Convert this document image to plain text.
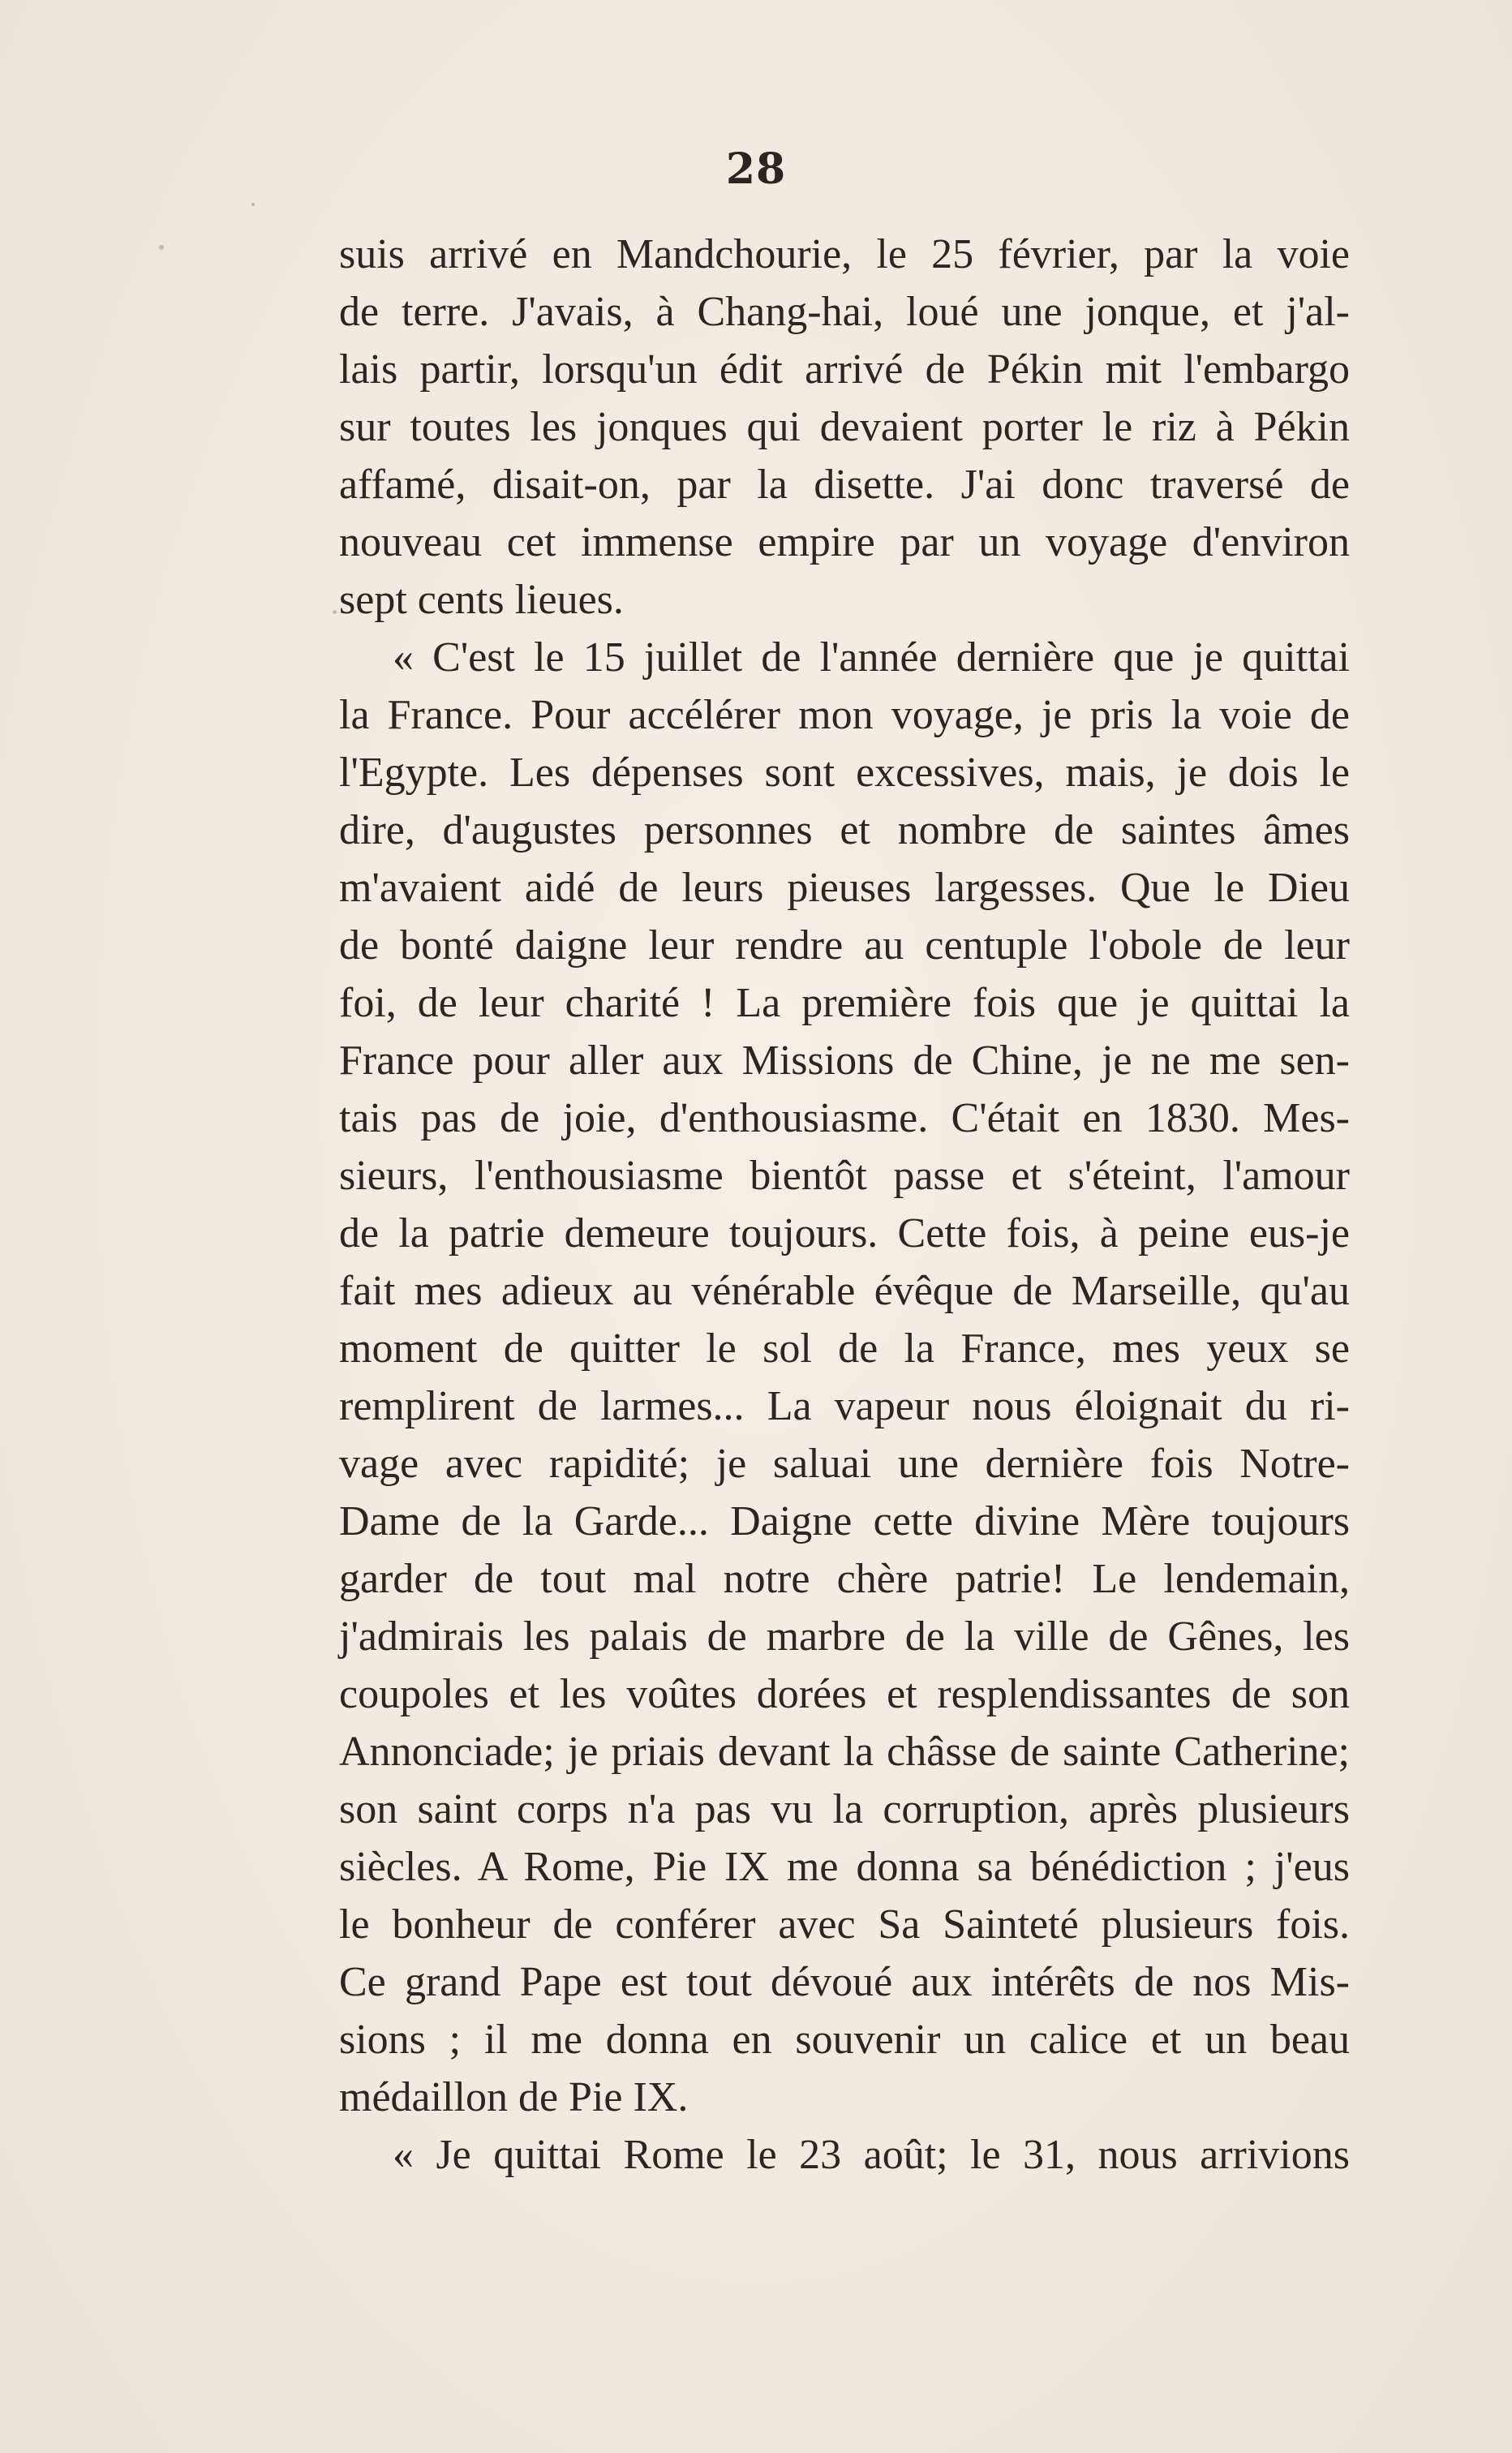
28
suis arrivé en Mandchourie, le 25 février, par la voie
de terre. J'avais, à Chang-hai, loué une jonque, et j'al-
lais partir, lorsqu'un édit arrivé de Pékin mit l'embargo
sur toutes les jonques qui devaient porter le riz à Pékin
affamé, disait-on, par la disette. J'ai donc traversé de
nouveau cet immense empire par un voyage d'environ
sept cents lieues.
« C'est le 15 juillet de l'année dernière que je quittai
la France. Pour accélérer mon voyage, je pris la voie de
l'Egypte. Les dépenses sont excessives, mais, je dois le
dire, d'augustes personnes et nombre de saintes âmes
m'avaient aidé de leurs pieuses largesses. Que le Dieu
de bonté daigne leur rendre au centuple l'obole de leur
foi, de leur charité ! La première fois que je quittai la
France pour aller aux Missions de Chine, je ne me sen-
tais pas de joie, d'enthousiasme. C'était en 1830. Mes-
sieurs, l'enthousiasme bientôt passe et s'éteint, l'amour
de la patrie demeure toujours. Cette fois, à peine eus-je
fait mes adieux au vénérable évêque de Marseille, qu'au
moment de quitter le sol de la France, mes yeux se
remplirent de larmes... La vapeur nous éloignait du ri-
vage avec rapidité; je saluai une dernière fois Notre-
Dame de la Garde... Daigne cette divine Mère toujours
garder de tout mal notre chère patrie! Le lendemain,
j'admirais les palais de marbre de la ville de Gênes, les
coupoles et les voûtes dorées et resplendissantes de son
Annonciade; je priais devant la châsse de sainte Catherine;
son saint corps n'a pas vu la corruption, après plusieurs
siècles. A Rome, Pie IX me donna sa bénédiction ; j'eus
le bonheur de conférer avec Sa Sainteté plusieurs fois.
Ce grand Pape est tout dévoué aux intérêts de nos Mis-
sions ; il me donna en souvenir un calice et un beau
médaillon de Pie IX.
« Je quittai Rome le 23 août; le 31, nous arrivions
